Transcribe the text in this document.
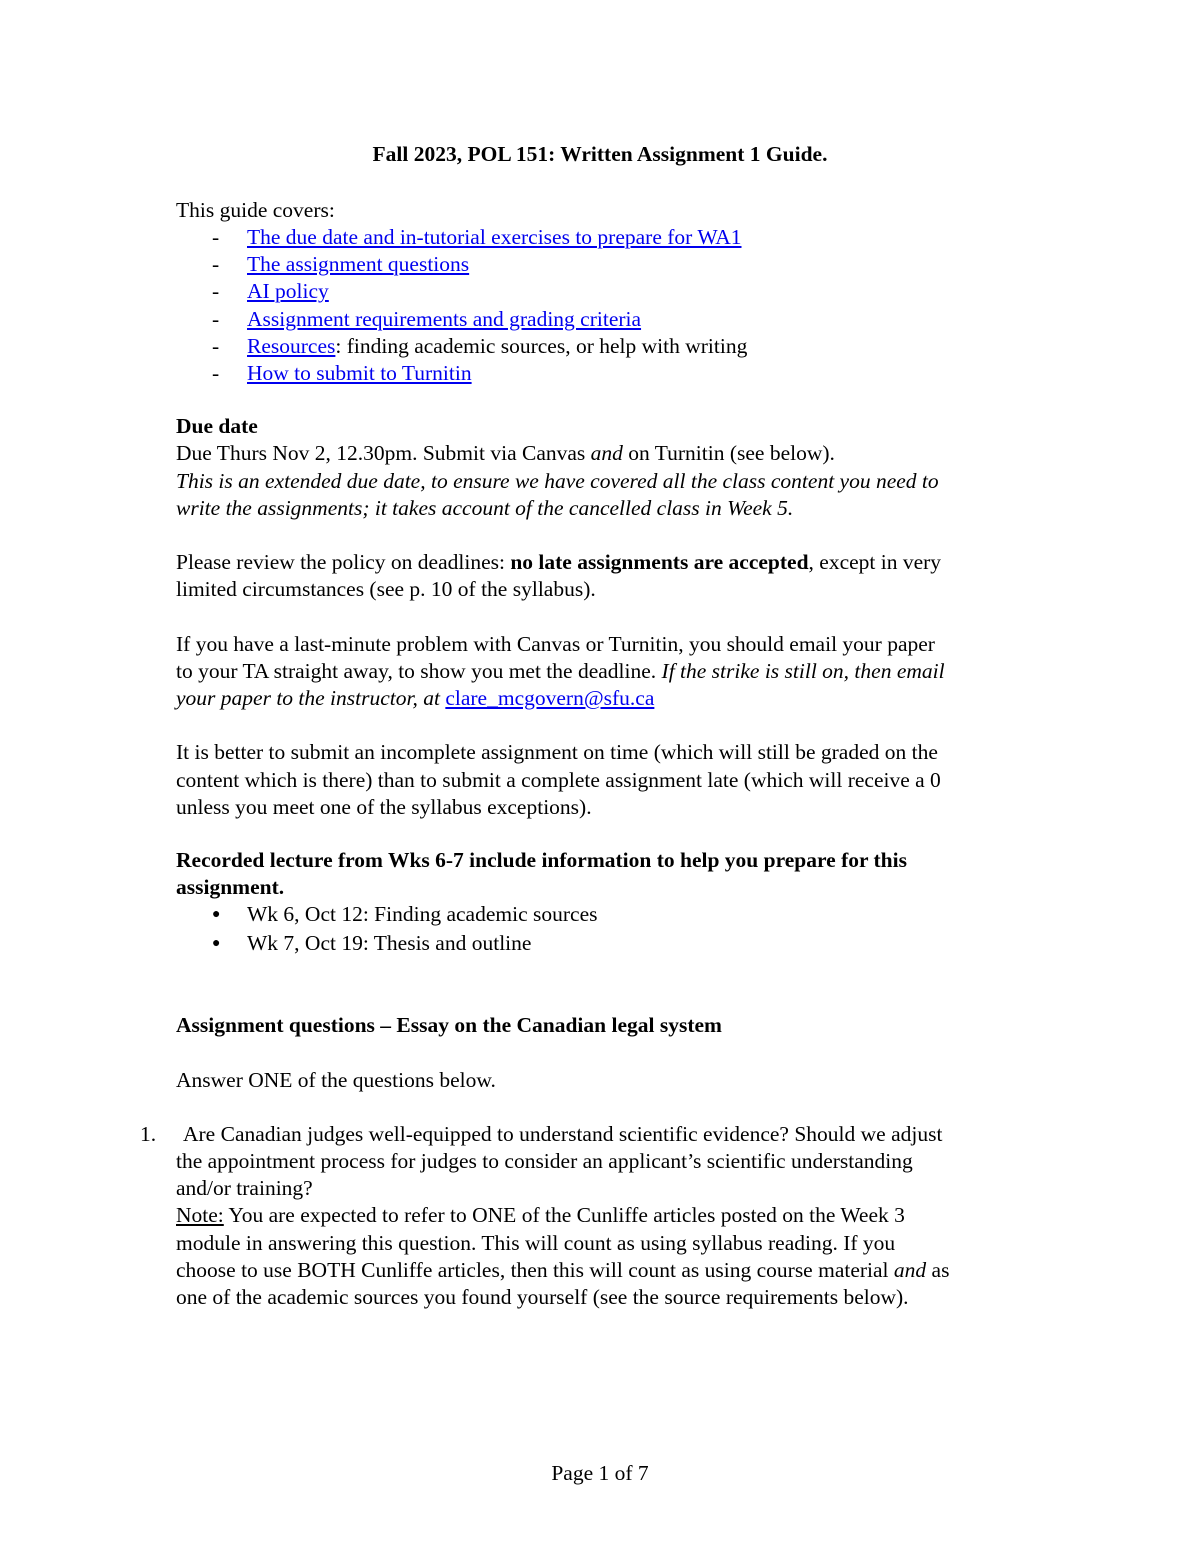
Fall 2023, POL 151: Written Assignment 1 Guide.
This guide covers:
- The due date and in-tutorial exercises to prepare for WA1
- The assignment questions
- AI policy
- Assignment requirements and grading criteria
- Resources: finding academic sources, or help with writing
- How to submit to Turnitin
Due date
Due Thurs Nov 2, 12.30pm. Submit via Canvas and on Turnitin (see below).
This is an extended due date, to ensure we have covered all the class content you need to
write the assignments; it takes account of the cancelled class in Week 5.
Please review the policy on deadlines: no late assignments are accepted, except in very
limited circumstances (see p. 10 of the syllabus).
If you have a last-minute problem with Canvas or Turnitin, you should email your paper
to your TA straight away, to show you met the deadline. If the strike is still on, then email
your paper to the instructor, at clare_mcgovern@sfu.ca
It is better to submit an incomplete assignment on time (which will still be graded on the
content which is there) than to submit a complete assignment late (which will receive a 0
unless you meet one of the syllabus exceptions).
Recorded lecture from Wks 6-7 include information to help you prepare for this
assignment.
● Wk 6, Oct 12: Finding academic sources
● Wk 7, Oct 19: Thesis and outline
Assignment questions – Essay on the Canadian legal system
Answer ONE of the questions below.
1. Are Canadian judges well-equipped to understand scientific evidence? Should we adjust
the appointment process for judges to consider an applicant’s scientific understanding
and/or training?
Note: You are expected to refer to ONE of the Cunliffe articles posted on the Week 3
module in answering this question. This will count as using syllabus reading. If you
choose to use BOTH Cunliffe articles, then this will count as using course material and as
one of the academic sources you found yourself (see the source requirements below).
Page 1 of 7
